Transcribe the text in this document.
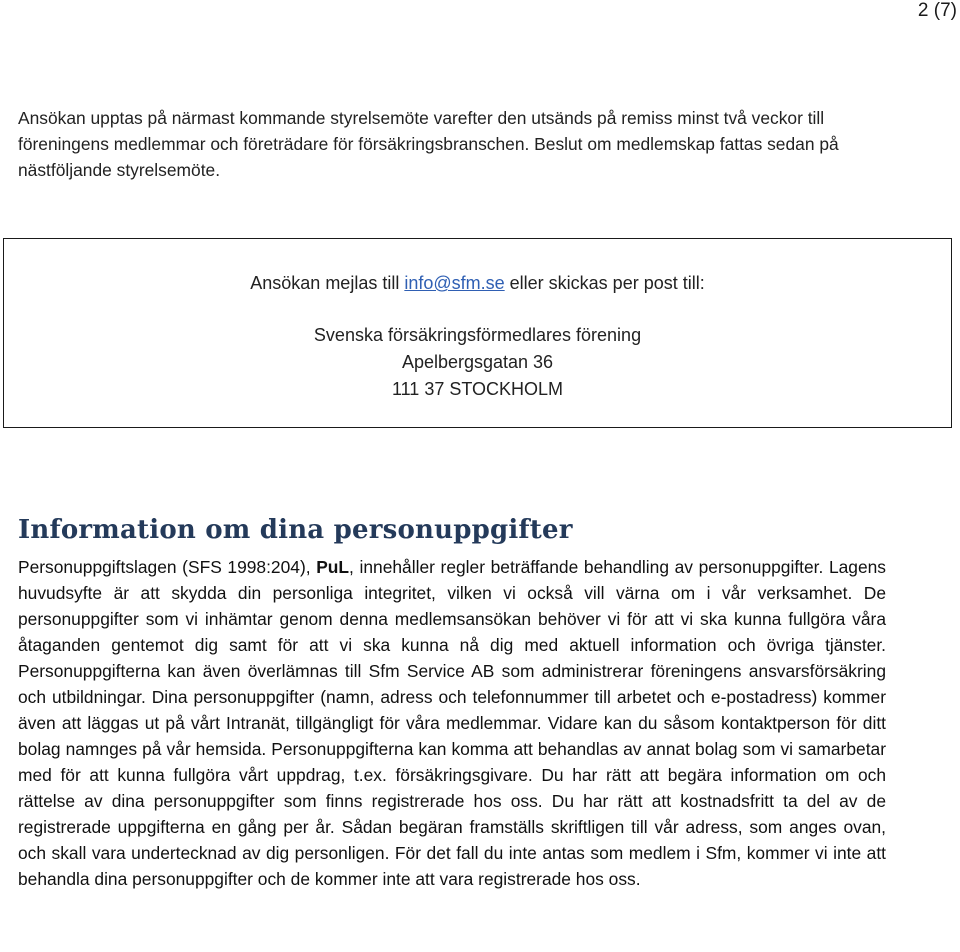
2 (7)

Ansökan upptas på närmast kommande styrelsemöte varefter den utsänds på remiss minst två veckor till föreningens medlemmar och företrädare för försäkringsbranschen. Beslut om medlemskap fattas sedan på nästföljande styrelsemöte.

Ansökan mejlas till info@sfm.se eller skickas per post till:
Svenska försäkringsförmedlares förening
Apelbergsgatan 36
111 37 STOCKHOLM
Information om dina personuppgifter

Personuppgiftslagen (SFS 1998:204), PuL, innehåller regler beträffande behandling av personuppgifter. Lagens huvudsyfte är att skydda din personliga integritet, vilken vi också vill värna om i vår verksamhet. De personuppgifter som vi inhämtar genom denna medlemsansökan behöver vi för att vi ska kunna fullgöra våra åtaganden gentemot dig samt för att vi ska kunna nå dig med aktuell information och övriga tjänster. Personuppgifterna kan även överlämnas till Sfm Service AB som administrerar föreningens ansvarsförsäkring och utbildningar. Dina personuppgifter (namn, adress och telefonnummer till arbetet och e-postadress) kommer även att läggas ut på vårt Intranät, tillgängligt för våra medlemmar. Vidare kan du såsom kontaktperson för ditt bolag namnges på vår hemsida. Personuppgifterna kan komma att behandlas av annat bolag som vi samarbetar med för att kunna fullgöra vårt uppdrag, t.ex. försäkringsgivare. Du har rätt att begära information om och rättelse av dina personuppgifter som finns registrerade hos oss. Du har rätt att kostnadsfritt ta del av de registrerade uppgifterna en gång per år. Sådan begäran framställs skriftligen till vår adress, som anges ovan, och skall vara undertecknad av dig personligen. För det fall du inte antas som medlem i Sfm, kommer vi inte att behandla dina personuppgifter och de kommer inte att vara registrerade hos oss.
